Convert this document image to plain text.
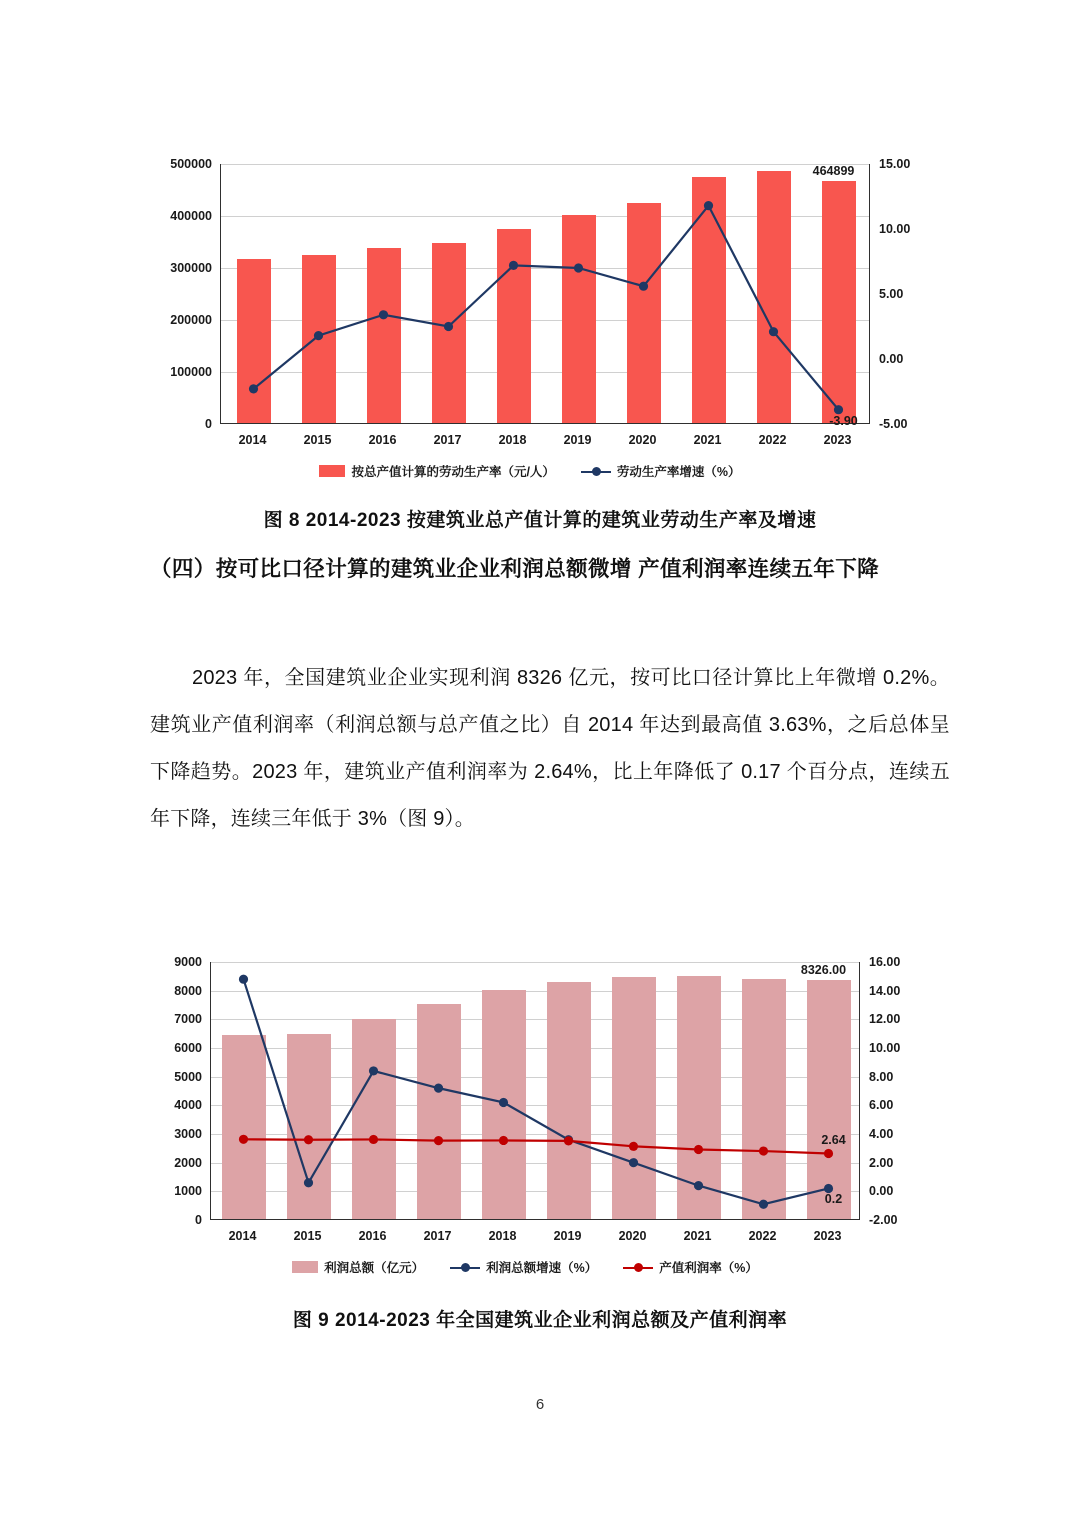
0
100000
200000
300000
400000
500000
-5.00
0.00
5.00
10.00
15.00
2014	2015	2016	2017	2018	2019	2020	2021	2022	2023
464899
-3.90
按总产值计算的劳动生产率（元/人）	劳动生产率增速（%）
图 8 2014-2023 按建筑业总产值计算的建筑业劳动生产率及增速
（四）按可比口径计算的建筑业企业利润总额微增 产值利润率连续五年下降
2023 年，全国建筑业企业实现利润 8326 亿元，按可比口径计算比上年微增 0.2%。建筑业产值利润率（利润总额与总产值之比）自 2014 年达到最高值 3.63%，之后总体呈下降趋势。2023 年，建筑业产值利润率为 2.64%，比上年降低了 0.17 个百分点，连续五年下降，连续三年低于 3%（图 9）。
0
1000
2000
3000
4000
5000
6000
7000
8000
9000
-2.00
0.00
2.00
4.00
6.00
8.00
10.00
12.00
14.00
16.00
2014	2015	2016	2017	2018	2019	2020	2021	2022	2023
8326.00
2.64
0.2
利润总额（亿元）	利润总额增速（%）	产值利润率（%）
图 9 2014-2023 年全国建筑业企业利润总额及产值利润率
6
